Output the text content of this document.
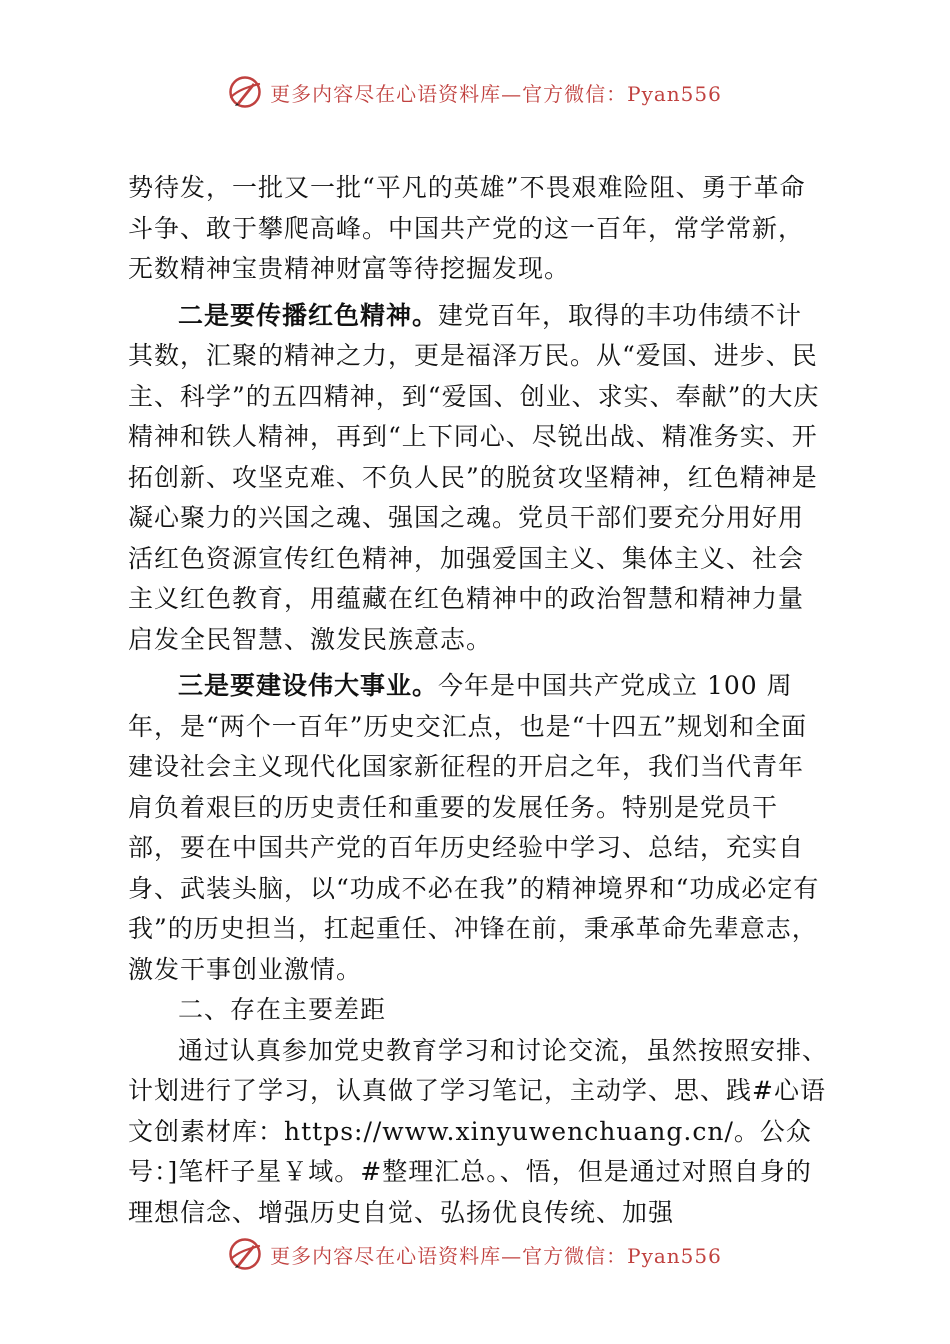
更多内容尽在心语资料库—官方微信：Pyan556

势待发，一批又一批“平凡的英雄”不畏艰难险阻、勇于革命斗争、敢于攀爬高峰。中国共产党的这一百年，常学常新，无数精神宝贵精神财富等待挖掘发现。

二是要传播红色精神。建党百年，取得的丰功伟绩不计其数，汇聚的精神之力，更是福泽万民。从“爱国、进步、民主、科学”的五四精神，到“爱国、创业、求实、奉献”的大庆精神和铁人精神，再到“上下同心、尽锐出战、精准务实、开拓创新、攻坚克难、不负人民”的脱贫攻坚精神，红色精神是凝心聚力的兴国之魂、强国之魂。党员干部们要充分用好用活红色资源宣传红色精神，加强爱国主义、集体主义、社会主义红色教育，用蕴藏在红色精神中的政治智慧和精神力量启发全民智慧、激发民族意志。

三是要建设伟大事业。今年是中国共产党成立 100 周年，是“两个一百年”历史交汇点，也是“十四五”规划和全面建设社会主义现代化国家新征程的开启之年，我们当代青年肩负着艰巨的历史责任和重要的发展任务。特别是党员干部，要在中国共产党的百年历史经验中学习、总结，充实自身、武装头脑，以“功成不必在我”的精神境界和“功成必定有我”的历史担当，扛起重任、冲锋在前，秉承革命先辈意志，激发干事创业激情。

二、存在主要差距

通过认真参加党史教育学习和讨论交流，虽然按照安排、计划进行了学习，认真做了学习笔记，主动学、思、践#心语文创素材库：https://www.xinyuwenchuang.cn/。公众号：]笔杆子星￥域。#整理汇总。、悟，但是通过对照自身的理想信念、增强历史自觉、弘扬优良传统、加强

更多内容尽在心语资料库—官方微信：Pyan556
